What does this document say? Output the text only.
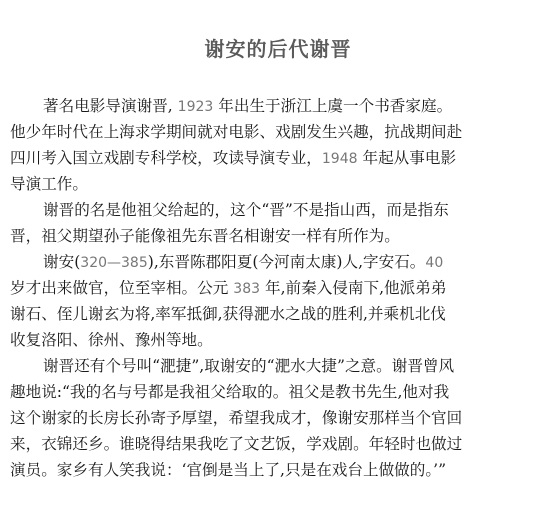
谢安的后代谢晋
著名电影导演谢晋, 1923 年出生于浙江上虞一个书香家庭。
他少年时代在上海求学期间就对电影、戏剧发生兴趣，抗战期间赴
四川考入国立戏剧专科学校，攻读导演专业，1948 年起从事电影
导演工作。
谢晋的名是他祖父给起的，这个“晋”不是指山西，而是指东
晋，祖父期望孙子能像祖先东晋名相谢安一样有所作为。
谢安(320—385),东晋陈郡阳夏(今河南太康)人,字安石。40
岁才出来做官，位至宰相。公元 383 年,前秦入侵南下,他派弟弟
谢石、侄儿谢玄为将,率军抵御,获得淝水之战的胜利,并乘机北伐
收复洛阳、徐州、豫州等地。
谢晋还有个号叫“淝捷”,取谢安的“淝水大捷”之意。谢晋曾风
趣地说:“我的名与号都是我祖父给取的。祖父是教书先生,他对我
这个谢家的长房长孙寄予厚望，希望我成才，像谢安那样当个官回
来，衣锦还乡。谁晓得结果我吃了文艺饭，学戏剧。年轻时也做过
演员。家乡有人笑我说：‘官倒是当上了,只是在戏台上做做的。’”
